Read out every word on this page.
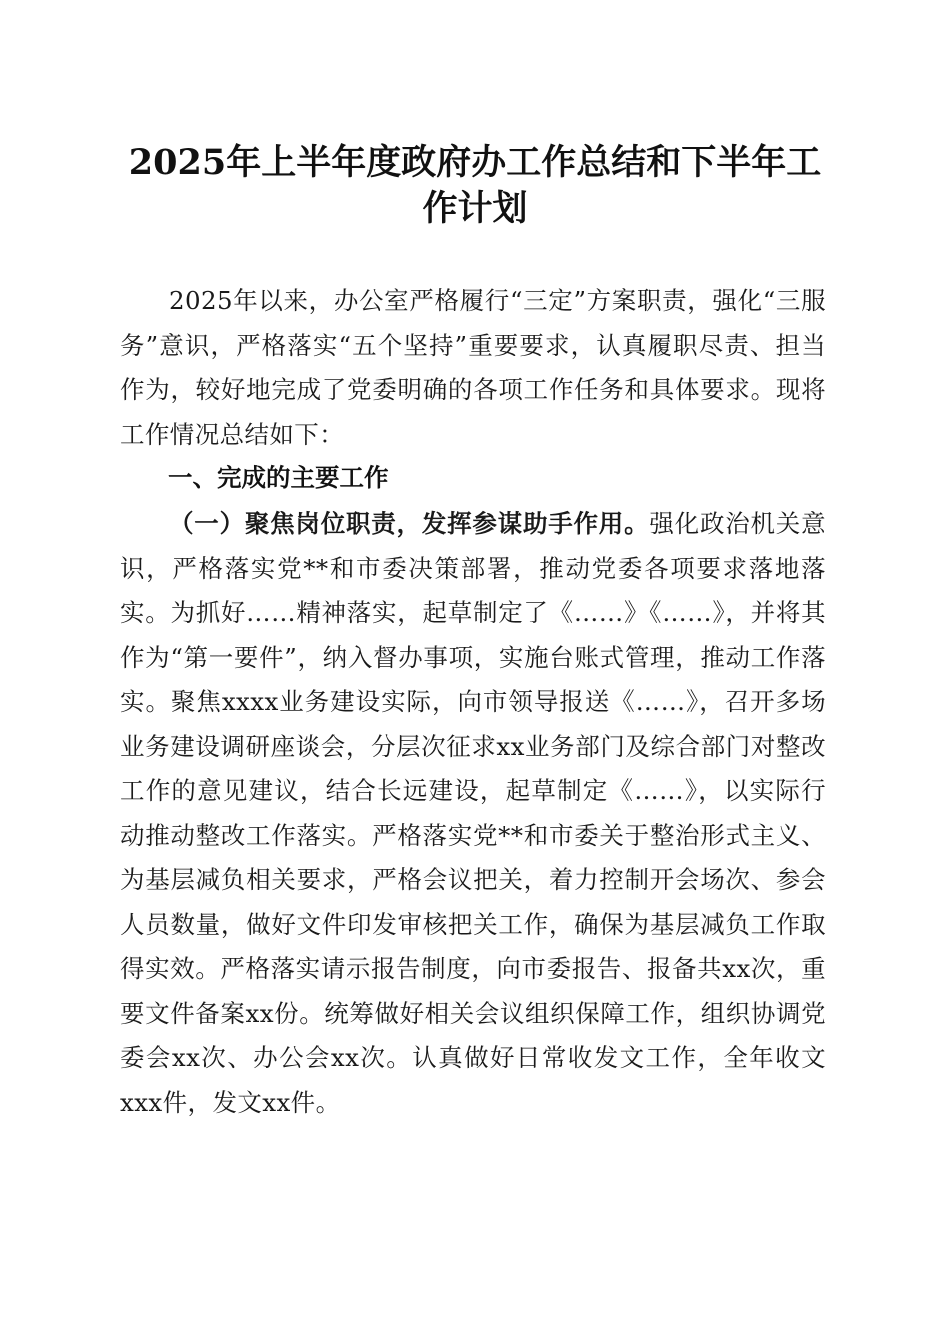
2025年上半年度政府办工作总结和下半年工作计划

2025年以来，办公室严格履行“三定”方案职责，强化“三服务”意识，严格落实“五个坚持”重要要求，认真履职尽责、担当作为，较好地完成了党委明确的各项工作任务和具体要求。现将工作情况总结如下：

一、完成的主要工作

（一）聚焦岗位职责，发挥参谋助手作用。强化政治机关意识，严格落实党**和市委决策部署，推动党委各项要求落地落实。为抓好……精神落实，起草制定了《……》《……》，并将其作为“第一要件”，纳入督办事项，实施台账式管理，推动工作落实。聚焦xxxx业务建设实际，向市领导报送《……》，召开多场业务建设调研座谈会，分层次征求xx业务部门及综合部门对整改工作的意见建议，结合长远建设，起草制定《……》，以实际行动推动整改工作落实。严格落实党**和市委关于整治形式主义、为基层减负相关要求，严格会议把关，着力控制开会场次、参会人员数量，做好文件印发审核把关工作，确保为基层减负工作取得实效。严格落实请示报告制度，向市委报告、报备共xx次，重要文件备案xx份。统筹做好相关会议组织保障工作，组织协调党委会xx次、办公会xx次。认真做好日常收发文工作，全年收文xxx件，发文xx件。
